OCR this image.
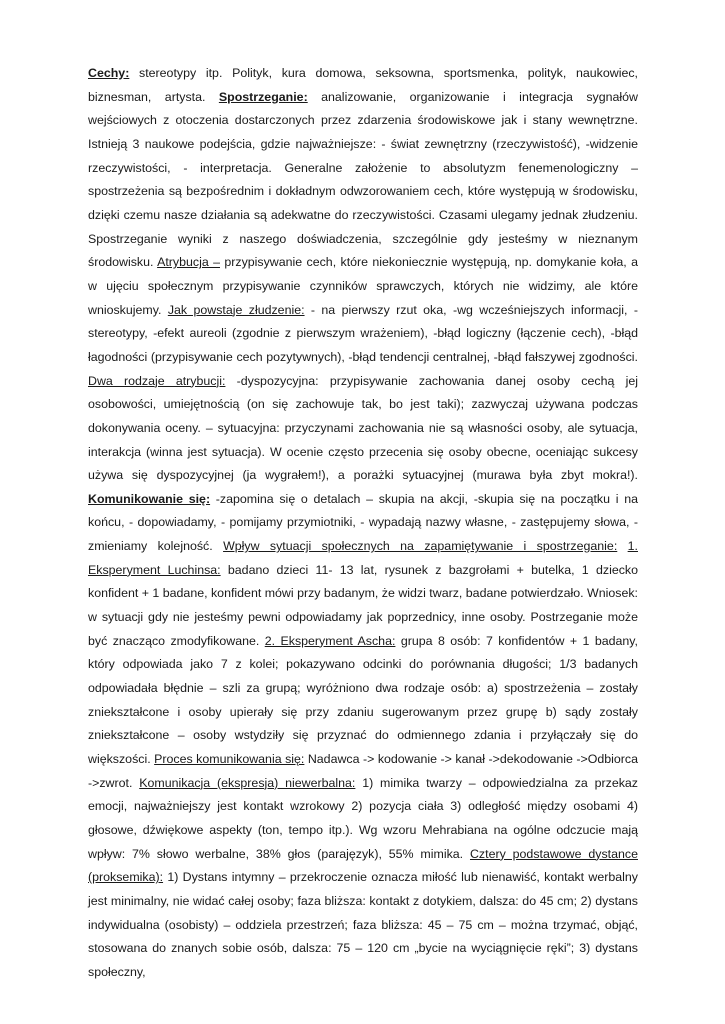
Cechy: stereotypy itp. Polityk, kura domowa, seksowna, sportsmenka, polityk, naukowiec, biznesman, artysta. Spostrzeganie: analizowanie, organizowanie i integracja sygnałów wejściowych z otoczenia dostarczonych przez zdarzenia środowiskowe jak i stany wewnętrzne. Istnieją 3 naukowe podejścia, gdzie najważniejsze: - świat zewnętrzny (rzeczywistość), -widzenie rzeczywistości, - interpretacja. Generalne założenie to absolutyzm fenemenologiczny – spostrzeżenia są bezpośrednim i dokładnym odwzorowaniem cech, które występują w środowisku, dzięki czemu nasze działania są adekwatne do rzeczywistości. Czasami ulegamy jednak złudzeniu. Spostrzeganie wyniki z naszego doświadczenia, szczególnie gdy jesteśmy w nieznanym środowisku. Atrybucja – przypisywanie cech, które niekoniecznie występują, np. domykanie koła, a w ujęciu społecznym przypisywanie czynników sprawczych, których nie widzimy, ale które wnioskujemy. Jak powstaje złudzenie: - na pierwszy rzut oka, -wg wcześniejszych informacji, - stereotypy, -efekt aureoli (zgodnie z pierwszym wrażeniem), -błąd logiczny (łączenie cech), -błąd łagodności (przypisywanie cech pozytywnych), -błąd tendencji centralnej, -błąd fałszywej zgodności. Dwa rodzaje atrybucji: -dyspozycyjna: przypisywanie zachowania danej osoby cechą jej osobowości, umiejętnością (on się zachowuje tak, bo jest taki); zazwyczaj używana podczas dokonywania oceny. – sytuacyjna: przyczynami zachowania nie są własności osoby, ale sytuacja, interakcja (winna jest sytuacja). W ocenie często przecenia się osoby obecne, oceniając sukcesy używa się dyspozycyjnej (ja wygrałem!), a porażki sytuacyjnej (murawa była zbyt mokra!). Komunikowanie się: -zapomina się o detalach – skupia na akcji, -skupia się na początku i na końcu, - dopowiadamy, - pomijamy przymiotniki, - wypadają nazwy własne, - zastępujemy słowa, - zmieniamy kolejność. Wpływ sytuacji społecznych na zapamiętywanie i spostrzeganie: 1. Eksperyment Luchinsa: badano dzieci 11- 13 lat, rysunek z bazgrołami + butelka, 1 dziecko konfident + 1 badane, konfident mówi przy badanym, że widzi twarz, badane potwierdzało. Wniosek: w sytuacji gdy nie jesteśmy pewni odpowiadamy jak poprzednicy, inne osoby. Postrzeganie może być znacząco zmodyfikowane. 2. Eksperyment Ascha: grupa 8 osób: 7 konfidentów + 1 badany, który odpowiada jako 7 z kolei; pokazywano odcinki do porównania długości; 1/3 badanych odpowiadała błędnie – szli za grupą; wyróżniono dwa rodzaje osób: a) spostrzeżenia – zostały zniekształcone i osoby upierały się przy zdaniu sugerowanym przez grupę b) sądy zostały zniekształcone – osoby wstydziły się przyznać do odmiennego zdania i przyłączały się do większości. Proces komunikowania się: Nadawca -> kodowanie -> kanał ->dekodowanie ->Odbiorca ->zwrot. Komunikacja (ekspresja) niewerbalna: 1) mimika twarzy – odpowiedzialna za przekaz emocji, najważniejszy jest kontakt wzrokowy 2) pozycja ciała 3) odległość między osobami 4) głosowe, dźwiękowe aspekty (ton, tempo itp.). Wg wzoru Mehrabiana na ogólne odczucie mają wpływ: 7% słowo werbalne, 38% głos (parajęzyk), 55% mimika. Cztery podstawowe dystance (proksemika): 1) Dystans intymny – przekroczenie oznacza miłość lub nienawiść, kontakt werbalny jest minimalny, nie widać całej osoby; faza bliższa: kontakt z dotykiem, dalsza: do 45 cm; 2) dystans indywidualna (osobisty) – oddziela przestrzeń; faza bliższa: 45 – 75 cm – można trzymać, objąć, stosowana do znanych sobie osób, dalsza: 75 – 120 cm „bycie na wyciągnięcie ręki”; 3) dystans społeczny,
